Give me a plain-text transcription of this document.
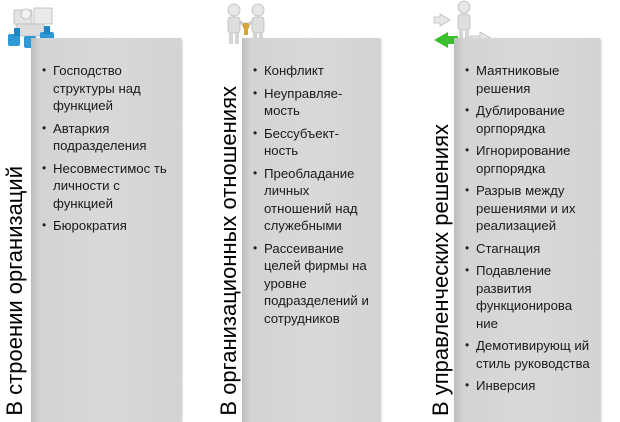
• Господство структуры над функцией
• Автаркия подразделения
• Несовместимос ть личности с функцией
• Бюрократия
В строении организаций
• Конфликт
• Неуправляе-мость
• Бессубъект-ность
• Преобладание личных отношений над служебными
• Рассеивание целей фирмы на уровне подразделений и сотрудников
В организационных отношениях
• Маятниковые решения
• Дублирование оргпорядка
• Игнорирование оргпорядка
• Разрыв между решениями и их реализацией
• Стагнация
• Подавление развития функционирова ние
• Демотивирующ ий стиль руководства
• Инверсия
В управленческих решениях
